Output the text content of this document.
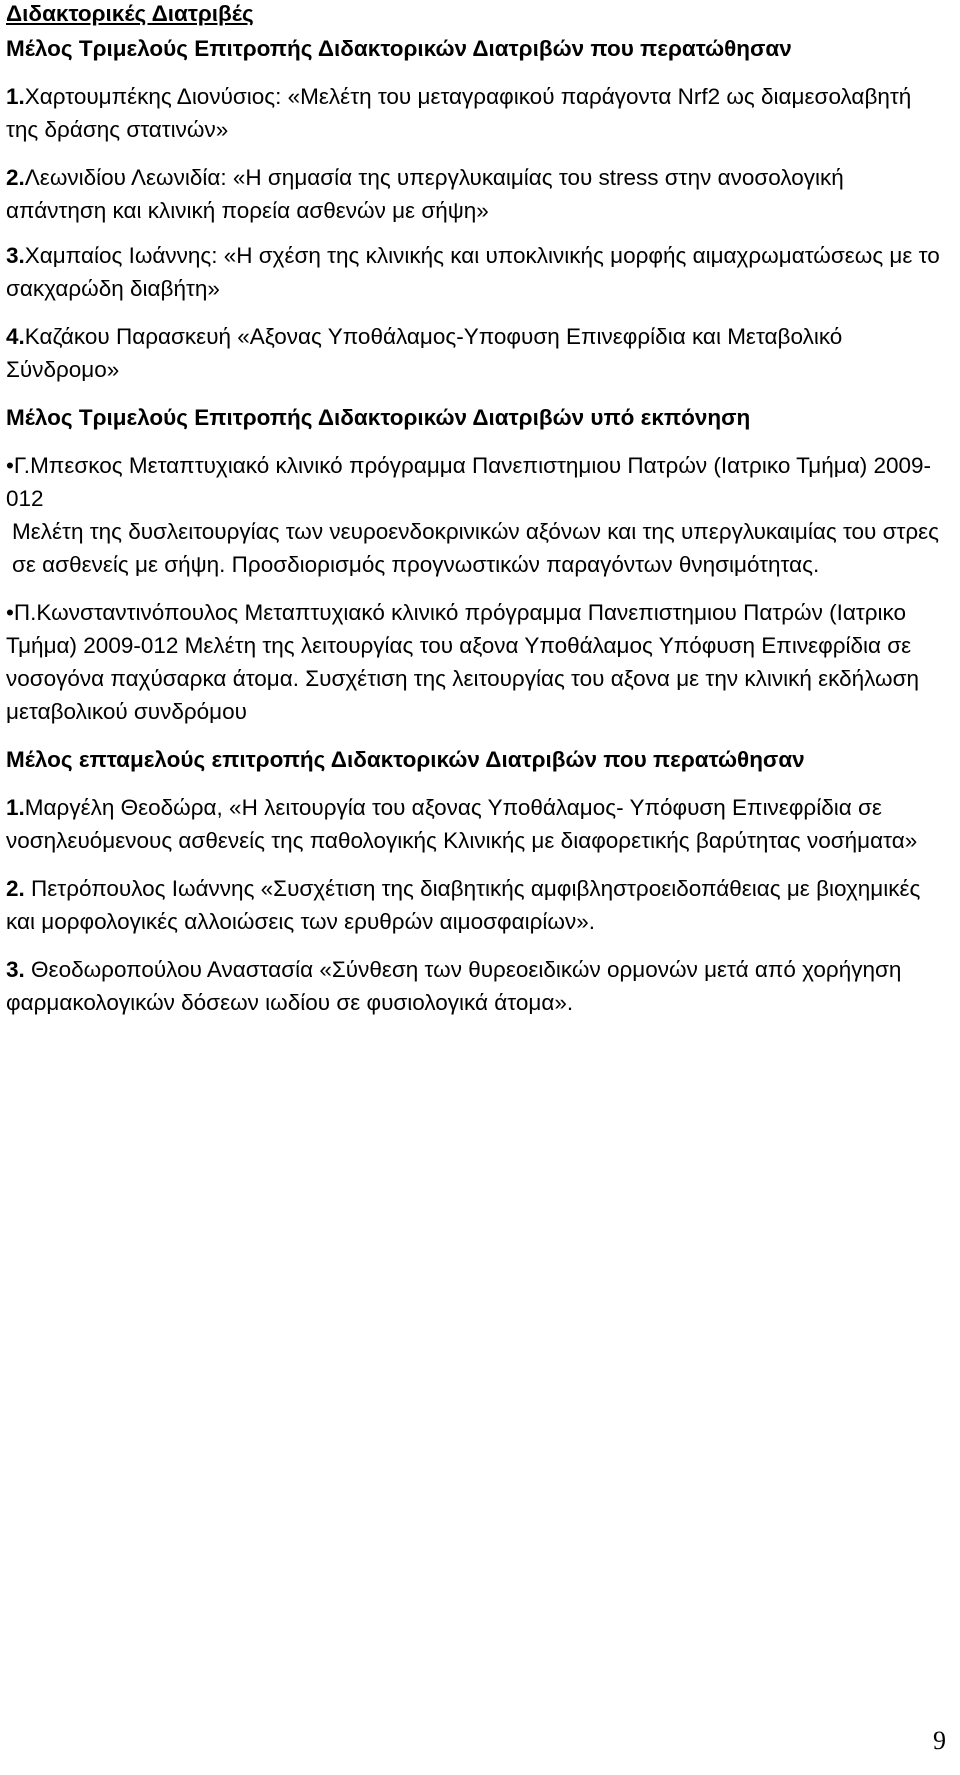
Διδακτορικές Διατριβές

Μέλος Τριμελούς Επιτροπής Διδακτορικών Διατριβών που περατώθησαν

1.Χαρτουμπέκης Διονύσιος: «Μελέτη του μεταγραφικού παράγοντα Nrf2 ως διαμεσολαβητή της δράσης στατινών»

2.Λεωνιδίου Λεωνιδία: «Η σημασία της υπεργλυκαιμίας του stress στην ανοσολογική απάντηση και κλινική πορεία ασθενών με σήψη»

3.Χαμπαίος Ιωάννης: «Η σχέση της κλινικής και υποκλινικής μορφής αιμαχρωματώσεως με το σακχαρώδη διαβήτη»

4.Καζάκου Παρασκευή «Αξονας Υποθάλαμος-Υποφυση Επινεφρίδια και Μεταβολικό Σύνδρομο»

Μέλος Τριμελούς Επιτροπής Διδακτορικών Διατριβών υπό εκπόνηση

•Γ.Μπεσκος Μεταπτυχιακό κλινικό πρόγραμμα Πανεπιστημιου Πατρών (Ιατρικο Τμήμα) 2009-012

Μελέτη της δυσλειτουργίας των νευροενδοκρινικών αξόνων και της υπεργλυκαιμίας του στρες σε ασθενείς με σήψη. Προσδιορισμός προγνωστικών παραγόντων θνησιμότητας.

•Π.Κωνσταντινόπουλος Μεταπτυχιακό κλινικό πρόγραμμα Πανεπιστημιου Πατρών (Ιατρικο Τμήμα) 2009-012 Μελέτη της λειτουργίας του αξονα Υποθάλαμος Υπόφυση Επινεφρίδια σε νοσογόνα παχύσαρκα άτομα. Συσχέτιση της λειτουργίας του αξονα με την κλινική εκδήλωση μεταβολικού συνδρόμου

Μέλος επταμελούς επιτροπής Διδακτορικών Διατριβών που περατώθησαν

1.Μαργέλη Θεοδώρα, «Η λειτουργία του αξονας Υποθάλαμος- Υπόφυση Επινεφρίδια σε νοσηλευόμενους ασθενείς της παθολογικής Κλινικής με διαφορετικής βαρύτητας νοσήματα»

2. Πετρόπουλος Ιωάννης «Συσχέτιση της διαβητικής αμφιβληστροειδοπάθειας με βιοχημικές και μορφολογικές αλλοιώσεις των ερυθρών αιμοσφαιρίων».

3. Θεοδωροπούλου Αναστασία «Σύνθεση των θυρεοειδικών ορμονών μετά από χορήγηση φαρμακολογικών δόσεων ιωδίου σε φυσιολογικά άτομα».

9
